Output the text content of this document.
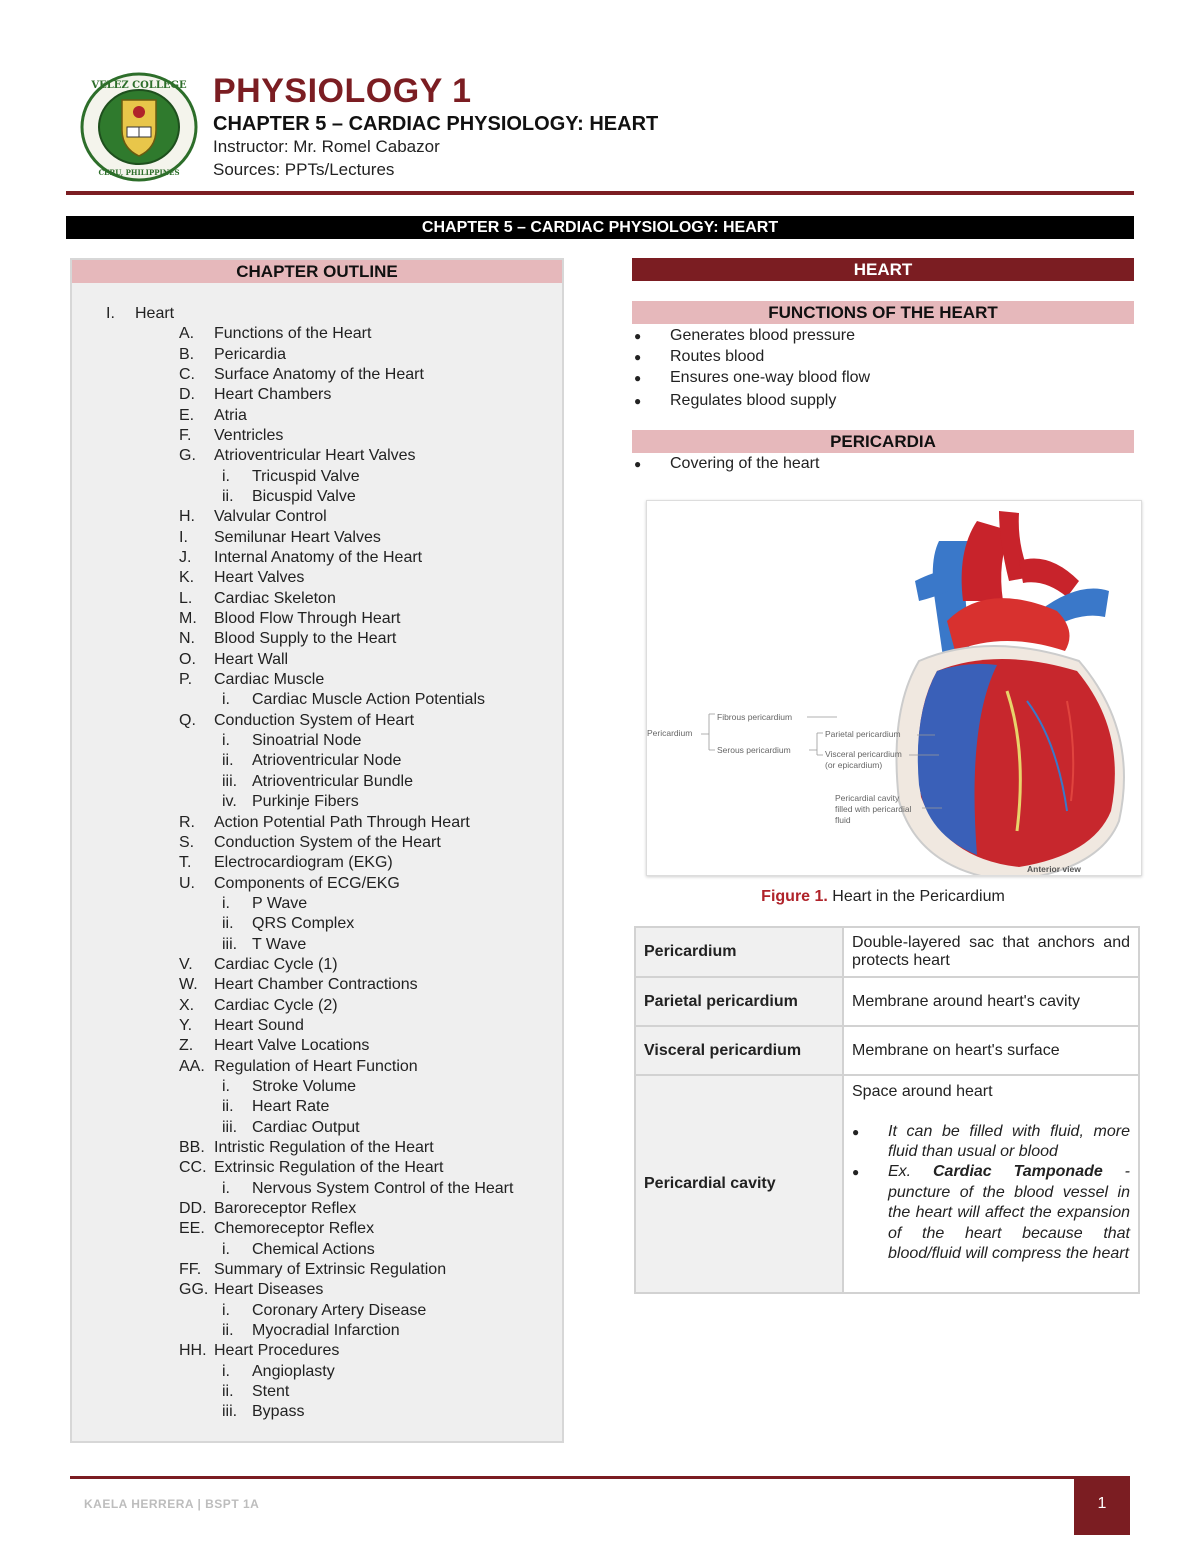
VELEZ COLLEGE
CEBU, PHILIPPINES
PHYSIOLOGY 1
CHAPTER 5 – CARDIAC PHYSIOLOGY: HEART
Instructor: Mr. Romel Cabazor
Sources: PPTs/Lectures
CHAPTER 5 – CARDIAC PHYSIOLOGY: HEART
CHAPTER OUTLINE
I. Heart
A. Functions of the Heart
B. Pericardia
C. Surface Anatomy of the Heart
D. Heart Chambers
E. Atria
F. Ventricles
G. Atrioventricular Heart Valves
i. Tricuspid Valve
ii. Bicuspid Valve
H. Valvular Control
I. Semilunar Heart Valves
J. Internal Anatomy of the Heart
K. Heart Valves
L. Cardiac Skeleton
M. Blood Flow Through Heart
N. Blood Supply to the Heart
O. Heart Wall
P. Cardiac Muscle
i. Cardiac Muscle Action Potentials
Q. Conduction System of Heart
i. Sinoatrial Node
ii. Atrioventricular Node
iii. Atrioventricular Bundle
iv. Purkinje Fibers
R. Action Potential Path Through Heart
S. Conduction System of the Heart
T. Electrocardiogram (EKG)
U. Components of ECG/EKG
i. P Wave
ii. QRS Complex
iii. T Wave
V. Cardiac Cycle (1)
W. Heart Chamber Contractions
X. Cardiac Cycle (2)
Y. Heart Sound
Z. Heart Valve Locations
AA. Regulation of Heart Function
i. Stroke Volume
ii. Heart Rate
iii. Cardiac Output
BB. Intristic Regulation of the Heart
CC. Extrinsic Regulation of the Heart
i. Nervous System Control of the Heart
DD. Baroreceptor Reflex
EE. Chemoreceptor Reflex
i. Chemical Actions
FF. Summary of Extrinsic Regulation
GG. Heart Diseases
i. Coronary Artery Disease
ii. Myocradial Infarction
HH. Heart Procedures
i. Angioplasty
ii. Stent
iii. Bypass
HEART
FUNCTIONS OF THE HEART
● Generates blood pressure
● Routes blood
● Ensures one-way blood flow
● Regulates blood supply
PERICARDIA
● Covering of the heart
Pericardium
Fibrous pericardium
Serous pericardium
Parietal pericardium
Visceral pericardium
(or epicardium)
Pericardial cavity
filled with pericardial
fluid
Anterior view
Figure 1. Heart in the Pericardium
Pericardium	Double-layered sac that anchors and protects heart
Parietal pericardium	Membrane around heart's cavity
Visceral pericardium	Membrane on heart's surface
Pericardial cavity	Space around heart
● It can be filled with fluid, more fluid than usual or blood
● Ex. Cardiac Tamponade - puncture of the blood vessel in the heart will affect the expansion of the heart because that blood/fluid will compress the heart
KAELA HERRERA | BSPT 1A	1
